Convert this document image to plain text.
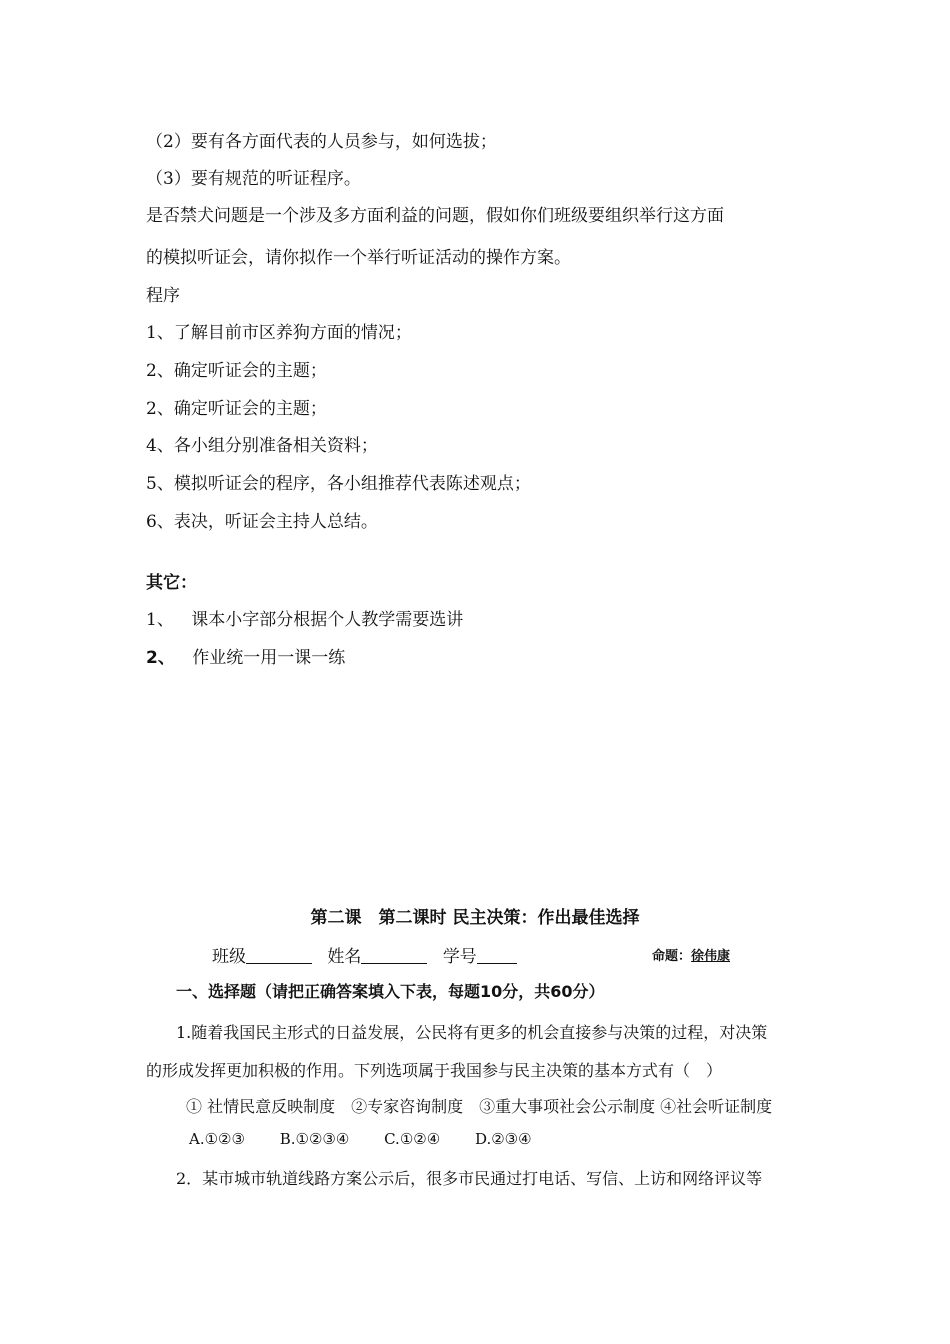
（2）要有各方面代表的人员参与，如何选拔；
（3）要有规范的听证程序。
是否禁犬问题是一个涉及多方面利益的问题，假如你们班级要组织举行这方面
的模拟听证会，请你拟作一个举行听证活动的操作方案。
程序
1、了解目前市区养狗方面的情况；
2、确定听证会的主题；
2、确定听证会的主题；
4、各小组分别准备相关资料；
5、模拟听证会的程序，各小组推荐代表陈述观点；
6、表决，听证会主持人总结。
其它：
1、 课本小字部分根据个人教学需要选讲
2、 作业统一用一课一练
第二课　第二课时 民主决策：作出最佳选择
班级	姓名	学号	命题：徐伟康
一、选择题（请把正确答案填入下表，每题10分，共60分）
1.随着我国民主形式的日益发展，公民将有更多的机会直接参与决策的过程，对决策
的形成发挥更加积极的作用。下列选项属于我国参与民主决策的基本方式有（　）
① 社情民意反映制度　②专家咨询制度　③重大事项社会公示制度 ④社会听证制度
A.①②③ B.①②③④ C.①②④ D.②③④
2．某市城市轨道线路方案公示后，很多市民通过打电话、写信、上访和网络评议等
